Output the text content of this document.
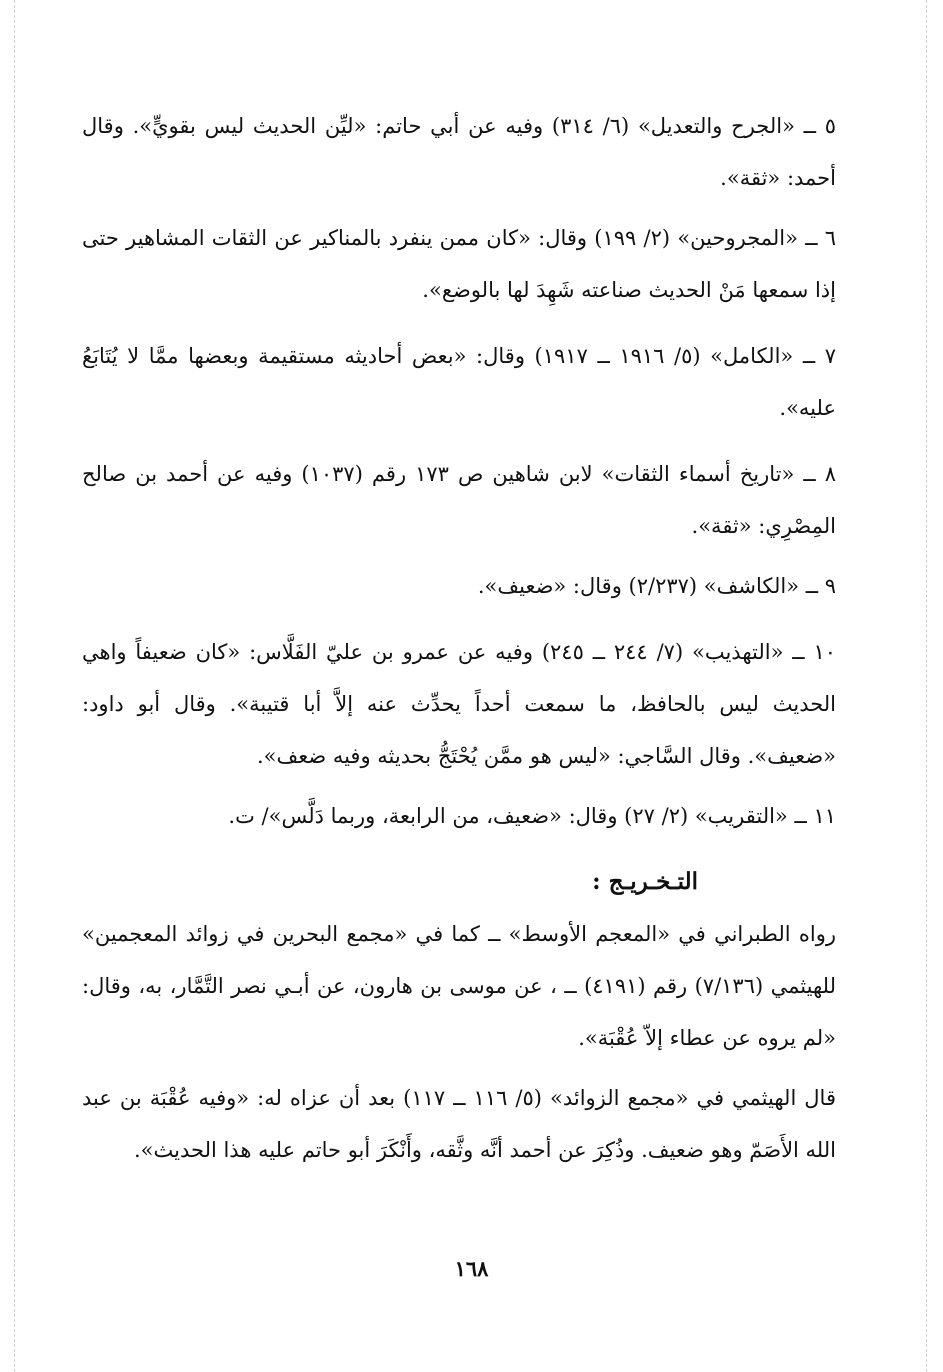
٥ ــ «الجرح والتعديل» (٦/ ٣١٤) وفيه عن أبي حاتم: «ليِّن الحديث ليس بقويٍّ». وقال أحمد: «ثقة».

٦ ــ «المجروحين» (٢/ ١٩٩) وقال: «كان ممن ينفرد بالمناكير عن الثقات المشاهير حتى إذا سمعها مَنْ الحديث صناعته شَهِدَ لها بالوضع».

٧ ــ «الكامل» (٥/ ١٩١٦ ــ ١٩١٧) وقال: «بعض أحاديثه مستقيمة وبعضها ممَّا لا يُتَابَعُ عليه».

٨ ــ «تاريخ أسماء الثقات» لابن شاهين ص ١٧٣ رقم (١٠٣٧) وفيه عن أحمد بن صالح المِصْرِي: «ثقة».

٩ ــ «الكاشف» (٢/٢٣٧) وقال: «ضعيف».

١٠ ــ «التهذيب» (٧/ ٢٤٤ ــ ٢٤٥) وفيه عن عمرو بن عليّ الفَلَّاس: «كان ضعيفاً واهي الحديث ليس بالحافظ، ما سمعت أحداً يحدِّث عنه إلاَّ أبا قتيبة». وقال أبو داود: «ضعيف». وقال السَّاجي: «ليس هو ممَّن يُحْتَجُّ بحديثه وفيه ضعف».

١١ ــ «التقريب» (٢/ ٢٧) وقال: «ضعيف، من الرابعة، وربما دَلَّس»/ ت.

التـخـريـج :

رواه الطبراني في «المعجم الأوسط» ــ كما في «مجمع البحرين في زوائد المعجمين» للهيثمي (٧/١٣٦) رقم (٤١٩١) ــ ، عن موسى بن هارون، عن أبـي نصر التَّمَّار، به، وقال: «لم يروه عن عطاء إلاّ عُقْبَة».

قال الهيثمي في «مجمع الزوائد» (٥/ ١١٦ ــ ١١٧) بعد أن عزاه له: «وفيه عُقْبَة بن عبد الله الأَصَمّ وهو ضعيف. وذُكِرَ عن أحمد أنَّه وثَّقه، وأَنْكَرَ أبو حاتم عليه هذا الحديث».

١٦٨
